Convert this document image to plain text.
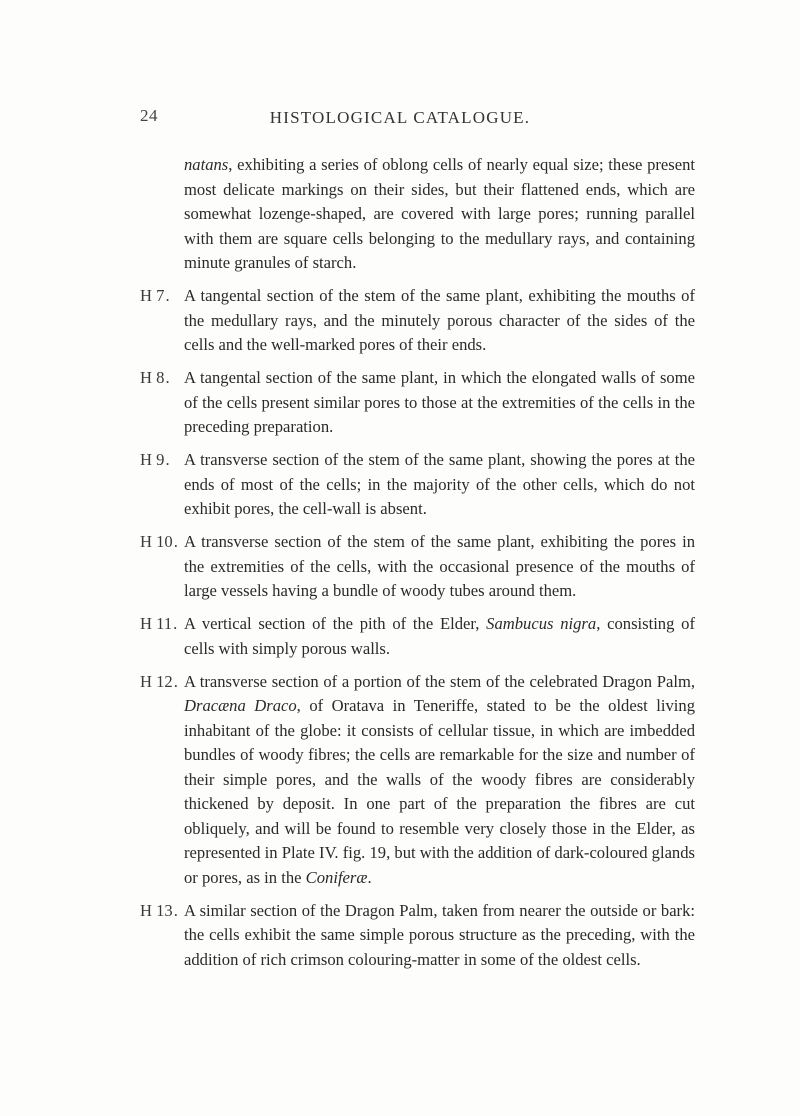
24	HISTOLOGICAL CATALOGUE.

natans, exhibiting a series of oblong cells of nearly equal size; these present most delicate markings on their sides, but their flattened ends, which are somewhat lozenge-shaped, are covered with large pores; running parallel with them are square cells belonging to the medullary rays, and containing minute granules of starch.

H 7. A tangental section of the stem of the same plant, exhibiting the mouths of the medullary rays, and the minutely porous character of the sides of the cells and the well-marked pores of their ends.

H 8. A tangental section of the same plant, in which the elongated walls of some of the cells present similar pores to those at the extremities of the cells in the preceding preparation.

H 9. A transverse section of the stem of the same plant, showing the pores at the ends of most of the cells; in the majority of the other cells, which do not exhibit pores, the cell-wall is absent.

H 10. A transverse section of the stem of the same plant, exhibiting the pores in the extremities of the cells, with the occasional presence of the mouths of large vessels having a bundle of woody tubes around them.

H 11. A vertical section of the pith of the Elder, Sambucus nigra, consisting of cells with simply porous walls.

H 12. A transverse section of a portion of the stem of the celebrated Dragon Palm, Dracæna Draco, of Oratava in Teneriffe, stated to be the oldest living inhabitant of the globe: it consists of cellular tissue, in which are imbedded bundles of woody fibres; the cells are remarkable for the size and number of their simple pores, and the walls of the woody fibres are considerably thickened by deposit. In one part of the preparation the fibres are cut obliquely, and will be found to resemble very closely those in the Elder, as represented in Plate IV. fig. 19, but with the addition of dark-coloured glands or pores, as in the Coniferæ.

H 13. A similar section of the Dragon Palm, taken from nearer the outside or bark: the cells exhibit the same simple porous structure as the preceding, with the addition of rich crimson colouring-matter in some of the oldest cells.
